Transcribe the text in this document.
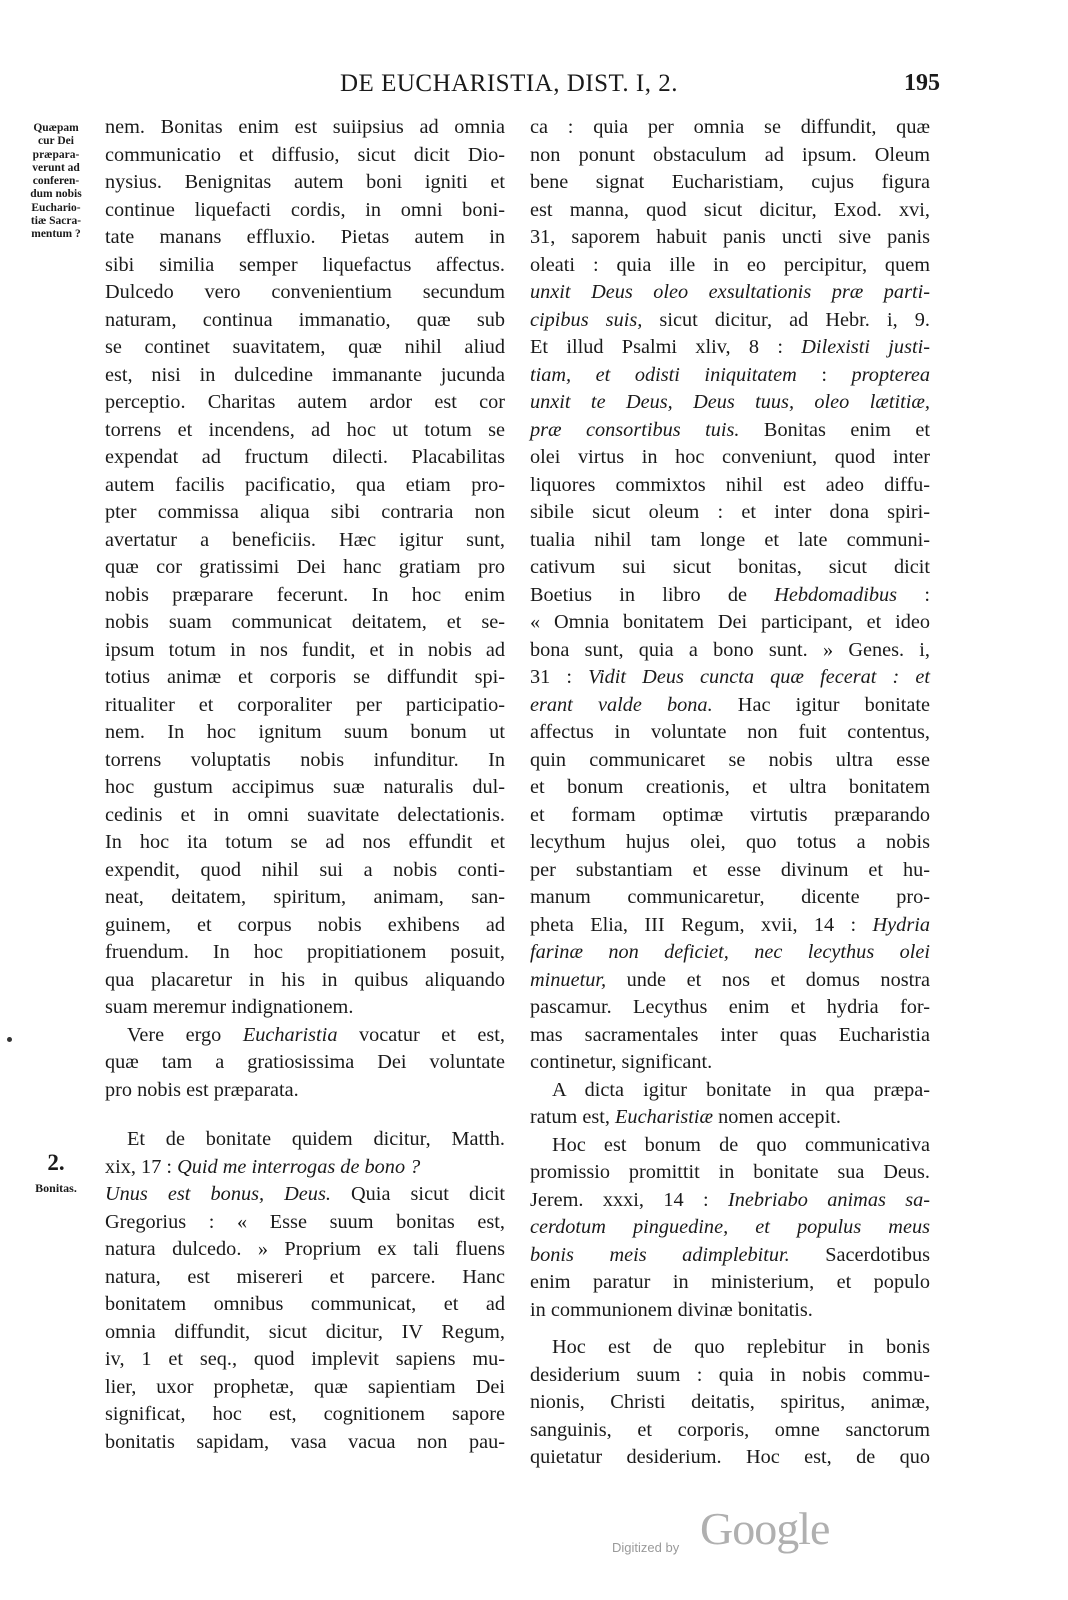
DE EUCHARISTIA, DIST. I, 2.	195
Quæpam
cur Dei
præpara-
verunt ad
conferen-
dum nobis
Euchario-
tiæ Sacra-
mentum ?
2.
Bonitas.
nem. Bonitas enim est suiipsius ad omnia
communicatio et diffusio, sicut dicit Dio-
nysius. Benignitas autem boni igniti et
continue liquefacti cordis, in omni boni-
tate manans effluxio. Pietas autem in
sibi similia semper liquefactus affectus.
Dulcedo vero convenientium secundum
naturam, continua immanatio, quæ sub
se continet suavitatem, quæ nihil aliud
est, nisi in dulcedine immanante jucunda
perceptio. Charitas autem ardor est cor
torrens et incendens, ad hoc ut totum se
expendat ad fructum dilecti. Placabilitas
autem facilis pacificatio, qua etiam pro-
pter commissa aliqua sibi contraria non
avertatur a beneficiis. Hæc igitur sunt,
quæ cor gratissimi Dei hanc gratiam pro
nobis præparare fecerunt. In hoc enim
nobis suam communicat deitatem, et se-
ipsum totum in nos fundit, et in nobis ad
totius animæ et corporis se diffundit spi-
ritualiter et corporaliter per participatio-
nem. In hoc ignitum suum bonum ut
torrens voluptatis nobis infunditur. In
hoc gustum accipimus suæ naturalis dul-
cedinis et in omni suavitate delectationis.
In hoc ita totum se ad nos effundit et
expendit, quod nihil sui a nobis conti-
neat, deitatem, spiritum, animam, san-
guinem, et corpus nobis exhibens ad
fruendum. In hoc propitiationem posuit,
qua placaretur in his in quibus aliquando
suam meremur indignationem.
Vere ergo Eucharistia vocatur et est,
quæ tam a gratiosissima Dei voluntate
pro nobis est præparata.
Et de bonitate quidem dicitur, Matth.
xix, 17 : Quid me interrogas de bono ?
Unus est bonus, Deus. Quia sicut dicit
Gregorius : « Esse suum bonitas est,
natura dulcedo. » Proprium ex tali fluens
natura, est misereri et parcere. Hanc
bonitatem omnibus communicat, et ad
omnia diffundit, sicut dicitur, IV Regum,
iv, 1 et seq., quod implevit sapiens mu-
lier, uxor prophetæ, quæ sapientiam Dei
significat, hoc est, cognitionem sapore
bonitatis sapidam, vasa vacua non pau-
ca : quia per omnia se diffundit, quæ
non ponunt obstaculum ad ipsum. Oleum
bene signat Eucharistiam, cujus figura
est manna, quod sicut dicitur, Exod. xvi,
31, saporem habuit panis uncti sive panis
oleati : quia ille in eo percipitur, quem
unxit Deus oleo exsultationis præ parti-
cipibus suis, sicut dicitur, ad Hebr. i, 9.
Et illud Psalmi xliv, 8 : Dilexisti justi-
tiam, et odisti iniquitatem : propterea
unxit te Deus, Deus tuus, oleo lætitiæ,
præ consortibus tuis. Bonitas enim et
olei virtus in hoc conveniunt, quod inter
liquores commixtos nihil est adeo diffu-
sibile sicut oleum : et inter dona spiri-
tualia nihil tam longe et late communi-
cativum sui sicut bonitas, sicut dicit
Boetius in libro de Hebdomadibus :
« Omnia bonitatem Dei participant, et ideo
bona sunt, quia a bono sunt. » Genes. i,
31 : Vidit Deus cuncta quæ fecerat : et
erant valde bona. Hac igitur bonitate
affectus in voluntate non fuit contentus,
quin communicaret se nobis ultra esse
et bonum creationis, et ultra bonitatem
et formam optimæ virtutis præparando
lecythum hujus olei, quo totus a nobis
per substantiam et esse divinum et hu-
manum communicaretur, dicente pro-
pheta Elia, III Regum, xvii, 14 : Hydria
farinæ non deficiet, nec lecythus olei
minuetur, unde et nos et domus nostra
pascamur. Lecythus enim et hydria for-
mas sacramentales inter quas Eucharistia
continetur, significant.
A dicta igitur bonitate in qua præpa-
ratum est, Eucharistiæ nomen accepit.
Hoc est bonum de quo communicativa
promissio promittit in bonitate sua Deus.
Jerem. xxxi, 14 : Inebriabo animas sa-
cerdotum pinguedine, et populus meus
bonis meis adimplebitur. Sacerdotibus
enim paratur in ministerium, et populo
in communionem divinæ bonitatis.
Hoc est de quo replebitur in bonis
desiderium suum : quia in nobis commu-
nionis, Christi deitatis, spiritus, animæ,
sanguinis, et corporis, omne sanctorum
quietatur desiderium. Hoc est, de quo
Digitized by Google
